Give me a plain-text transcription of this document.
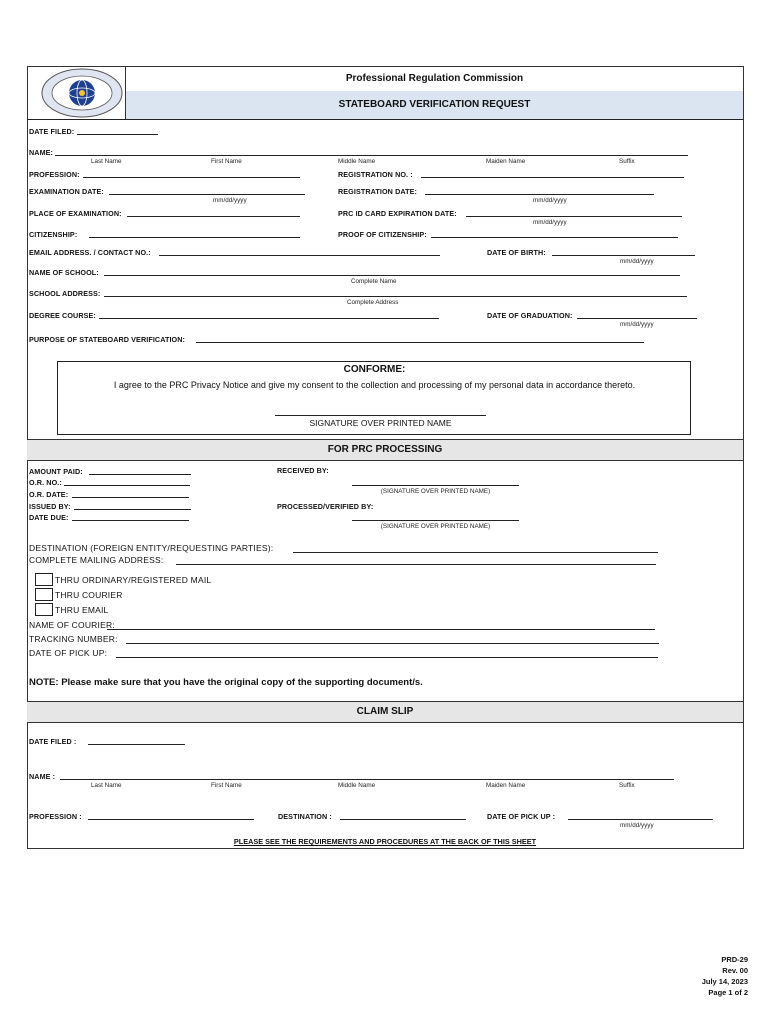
Professional Regulation Commission
STATEBOARD VERIFICATION REQUEST
DATE FILED:
NAME:
Last Name	First Name	Middle Name	Maiden Name	Suffix
PROFESSION:	REGISTRATION NO. :
EXAMINATION DATE:
mm/dd/yyyy
REGISTRATION DATE:
mm/dd/yyyy
PLACE OF EXAMINATION:	PRC ID CARD EXPIRATION DATE:
mm/dd/yyyy
CITIZENSHIP:	PROOF OF CITIZENSHIP:
EMAIL ADDRESS. / CONTACT NO.:	DATE OF BIRTH:
mm/dd/yyyy
NAME OF SCHOOL:
Complete Name
SCHOOL ADDRESS:
Complete Address
DEGREE COURSE:	DATE OF GRADUATION:
mm/dd/yyyy
PURPOSE OF STATEBOARD VERIFICATION:
CONFORME:
I agree to the PRC Privacy Notice and give my consent to the collection and processing of my personal data in accordance thereto.
SIGNATURE OVER PRINTED NAME
FOR PRC PROCESSING
AMOUNT PAID:
O.R. NO.:
O.R. DATE:
ISSUED BY:
DATE DUE:
RECEIVED BY:
(SIGNATURE OVER PRINTED NAME)
PROCESSED/VERIFIED BY:
(SIGNATURE OVER PRINTED NAME)
DESTINATION (FOREIGN ENTITY/REQUESTING PARTIES):
COMPLETE MAILING ADDRESS:
THRU ORDINARY/REGISTERED MAIL
THRU COURIER
THRU EMAIL
NAME OF COURIER:
TRACKING NUMBER:
DATE OF PICK UP:
NOTE: Please make sure that you have the original copy of the supporting document/s.
CLAIM SLIP
DATE FILED :
NAME :
Last Name	First Name	Middle Name	Maiden Name	Suffix
PROFESSION :	DESTINATION :	DATE OF PICK UP :
mm/dd/yyyy
PLEASE SEE THE REQUIREMENTS AND PROCEDURES AT THE BACK OF THIS SHEET
PRD-29
Rev. 00
July 14, 2023
Page 1 of 2
